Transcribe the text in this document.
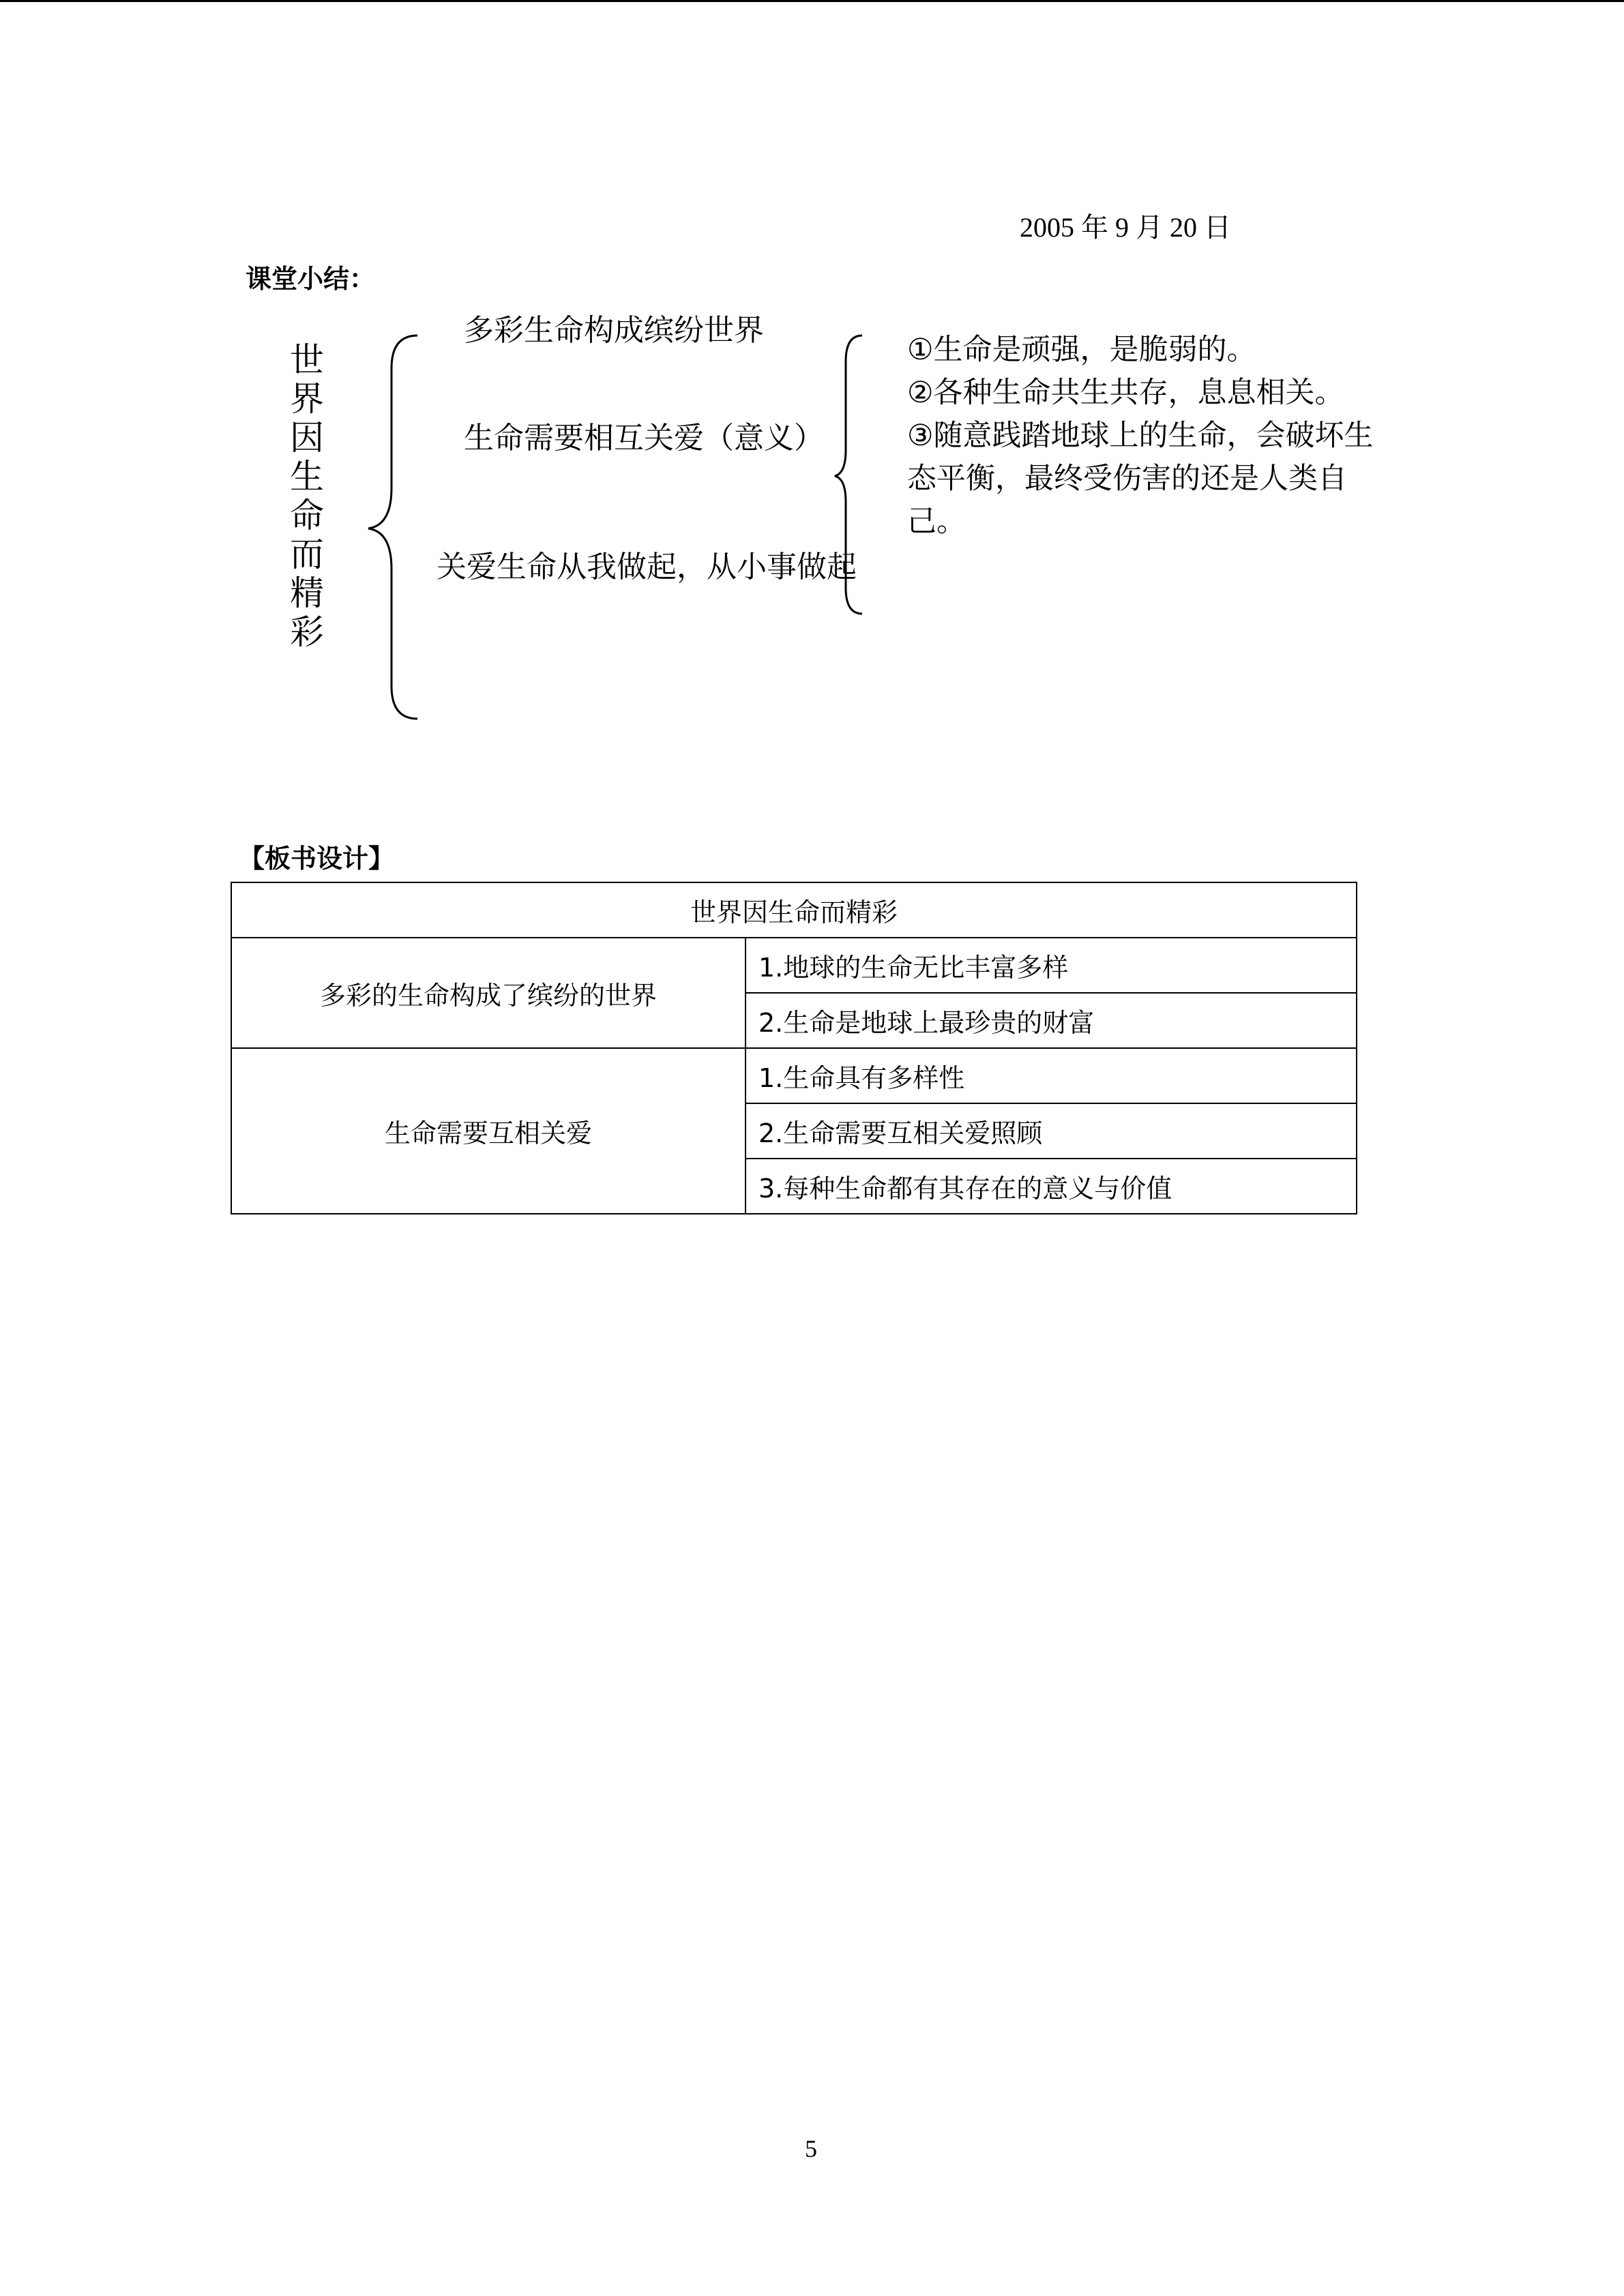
2005 年 9 月 20 日
课堂小结：
世界因生命而精彩
多彩生命构成缤纷世界
生命需要相互关爱（意义）
关爱生命从我做起，从小事做起
①生命是顽强，是脆弱的。
②各种生命共生共存，息息相关。
③随意践踏地球上的生命，会破坏生态平衡，最终受伤害的还是人类自己。
【板书设计】
世界因生命而精彩	
多彩的生命构成了缤纷的世界	1.地球的生命无比丰富多样
	2.生命是地球上最珍贵的财富
生命需要互相关爱	1.生命具有多样性
	2.生命需要互相关爱照顾
	3.每种生命都有其存在的意义与价值
5
